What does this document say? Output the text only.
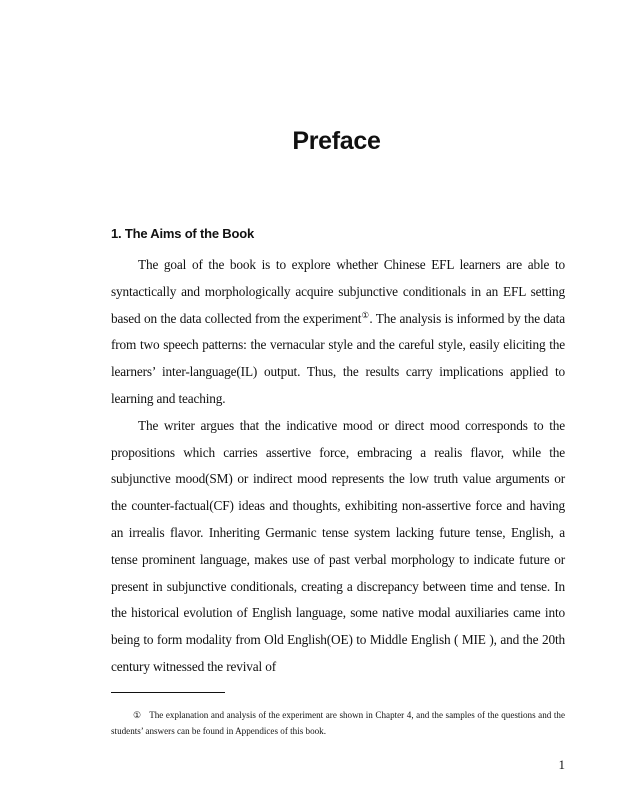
Preface
1. The Aims of the Book

The goal of the book is to explore whether Chinese EFL learners are able to syntactically and morphologically acquire subjunctive conditionals in an EFL setting based on the data collected from the experiment①. The analysis is informed by the data from two speech patterns: the vernacular style and the careful style, easily eliciting the learners’ inter-language(IL) output. Thus, the results carry implications applied to learning and teaching.

The writer argues that the indicative mood or direct mood corresponds to the propositions which carries assertive force, embracing a realis flavor, while the subjunctive mood(SM) or indirect mood represents the low truth value arguments or the counter-factual(CF) ideas and thoughts, exhibiting non-assertive force and having an irrealis flavor. Inheriting Germanic tense system lacking future tense, English, a tense prominent language, makes use of past verbal morphology to indicate future or present in subjunctive conditionals, creating a discrepancy between time and tense. In the historical evolution of English language, some native modal auxiliaries came into being to form modality from Old English(OE) to Middle English ( MIE ), and the 20th century witnessed the revival of

① The explanation and analysis of the experiment are shown in Chapter 4, and the samples of the questions and the students’ answers can be found in Appendices of this book.

1
